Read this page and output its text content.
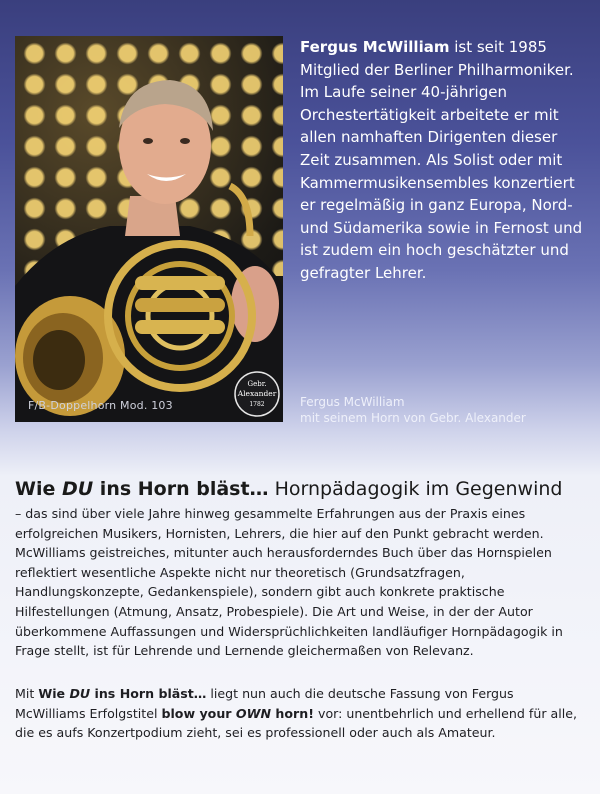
Gebr.
Alexander
1782
F/B-Doppelhorn Mod. 103
Fergus McWilliam ist seit 1985 Mitglied der Berliner Philharmoniker. Im Laufe seiner 40-jährigen Orchestertätigkeit arbeitete er mit allen namhaften Dirigenten dieser Zeit zusammen. Als Solist oder mit Kammermusikensembles konzertiert er regelmäßig in ganz Europa, Nord- und Südamerika sowie in Fernost und ist zudem ein hoch geschätzter und gefragter Lehrer.
Fergus McWilliam
mit seinem Horn von Gebr. Alexander
Wie DU ins Horn bläst… Hornpädagogik im Gegenwind
– das sind über viele Jahre hinweg gesammelte Erfahrungen aus der Praxis eines erfolgreichen Musikers, Hornisten, Lehrers, die hier auf den Punkt gebracht werden. McWilliams geistreiches, mitunter auch herausforderndes Buch über das Hornspielen reflektiert wesentliche Aspekte nicht nur theoretisch (Grundsatzfragen, Handlungskonzepte, Gedankenspiele), sondern gibt auch konkrete praktische Hilfestellungen (Atmung, Ansatz, Probespiele). Die Art und Weise, in der der Autor überkommene Auffassungen und Widersprüchlichkeiten landläufiger Hornpädagogik in Frage stellt, ist für Lehrende und Lernende gleichermaßen von Relevanz.
Mit Wie DU ins Horn bläst… liegt nun auch die deutsche Fassung von Fergus McWilliams Erfolgstitel blow your OWN horn! vor: unentbehrlich und erhellend für alle, die es aufs Konzertpodium zieht, sei es professionell oder auch als Amateur.
